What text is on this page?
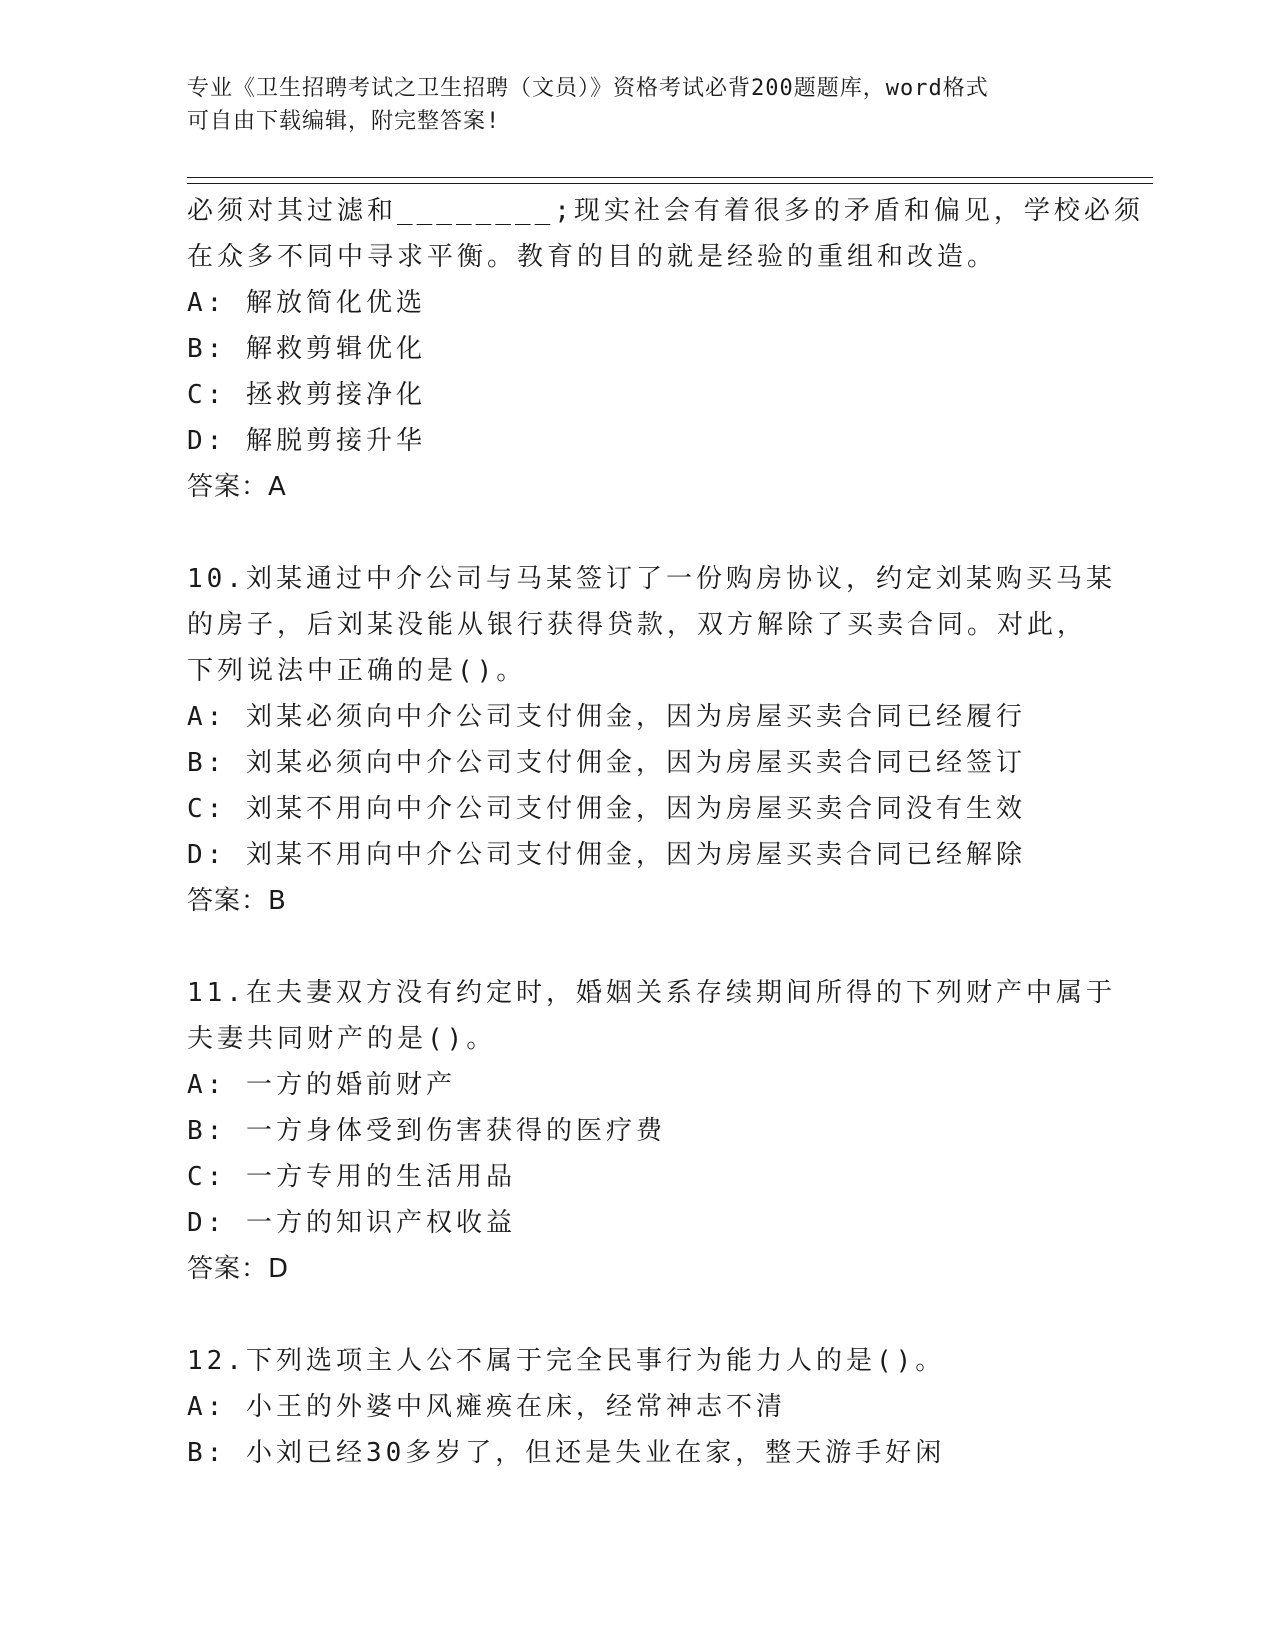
专业《卫生招聘考试之卫生招聘（文员）》资格考试必背200题题库，word格式
可自由下载编辑，附完整答案!
必须对其过滤和________;现实社会有着很多的矛盾和偏见，学校必须
在众多不同中寻求平衡。教育的目的就是经验的重组和改造。
A: 解放简化优选
B: 解救剪辑优化
C: 拯救剪接净化
D: 解脱剪接升华
答案：A
10.刘某通过中介公司与马某签订了一份购房协议，约定刘某购买马某
的房子，后刘某没能从银行获得贷款，双方解除了买卖合同。对此，
下列说法中正确的是()。
A: 刘某必须向中介公司支付佣金，因为房屋买卖合同已经履行
B: 刘某必须向中介公司支付佣金，因为房屋买卖合同已经签订
C: 刘某不用向中介公司支付佣金，因为房屋买卖合同没有生效
D: 刘某不用向中介公司支付佣金，因为房屋买卖合同已经解除
答案：B
11.在夫妻双方没有约定时，婚姻关系存续期间所得的下列财产中属于
夫妻共同财产的是()。
A: 一方的婚前财产
B: 一方身体受到伤害获得的医疗费
C: 一方专用的生活用品
D: 一方的知识产权收益
答案：D
12.下列选项主人公不属于完全民事行为能力人的是()。
A: 小王的外婆中风瘫痪在床，经常神志不清
B: 小刘已经30多岁了，但还是失业在家，整天游手好闲
